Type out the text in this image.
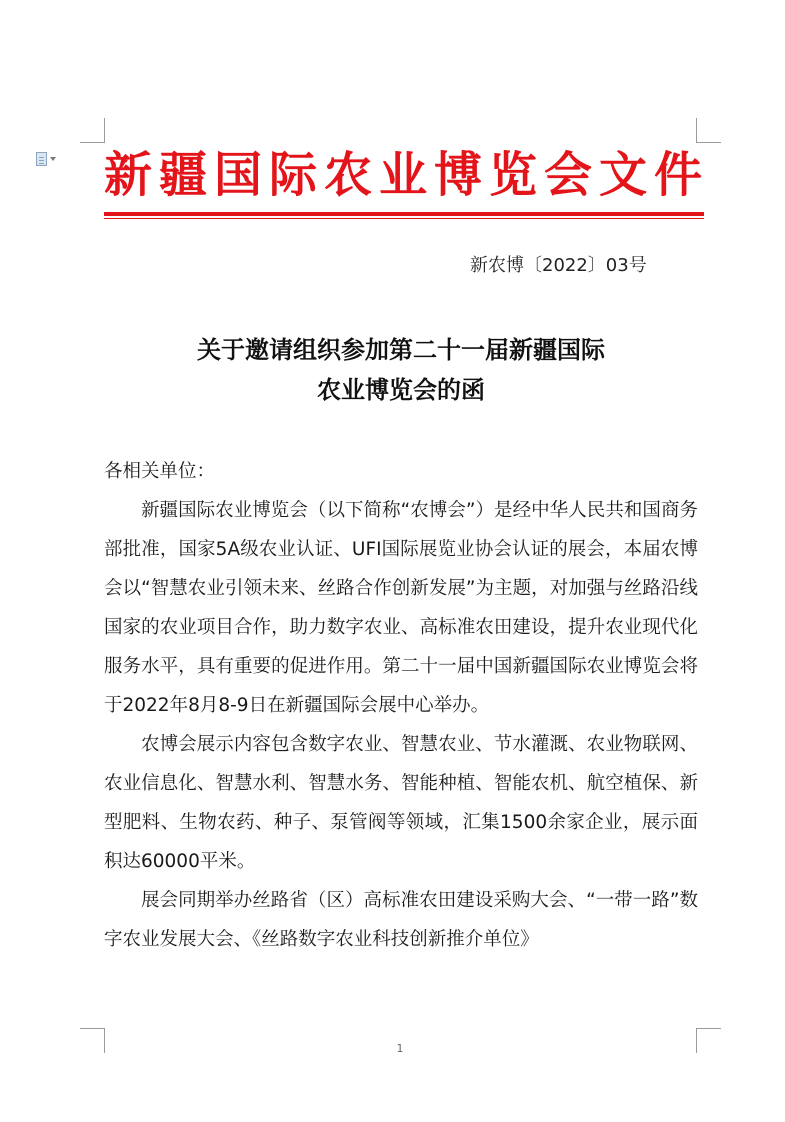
新疆国际农业博览会文件
新农博〔2022〕03号
关于邀请组织参加第二十一届新疆国际
农业博览会的函

各相关单位：

新疆国际农业博览会（以下简称“农博会”）是经中华人民共和国商务部批准，国家5A级农业认证、UFI国际展览业协会认证的展会，本届农博会以“智慧农业引领未来、丝路合作创新发展”为主题，对加强与丝路沿线国家的农业项目合作，助力数字农业、高标准农田建设，提升农业现代化服务水平，具有重要的促进作用。第二十一届中国新疆国际农业博览会将于2022年8月8-9日在新疆国际会展中心举办。

农博会展示内容包含数字农业、智慧农业、节水灌溉、农业物联网、农业信息化、智慧水利、智慧水务、智能种植、智能农机、航空植保、新型肥料、生物农药、种子、泵管阀等领域，汇集1500余家企业，展示面积达60000平米。

展会同期举办丝路省（区）高标准农田建设采购大会、“一带一路”数字农业发展大会、《丝路数字农业科技创新推介单位》

1
